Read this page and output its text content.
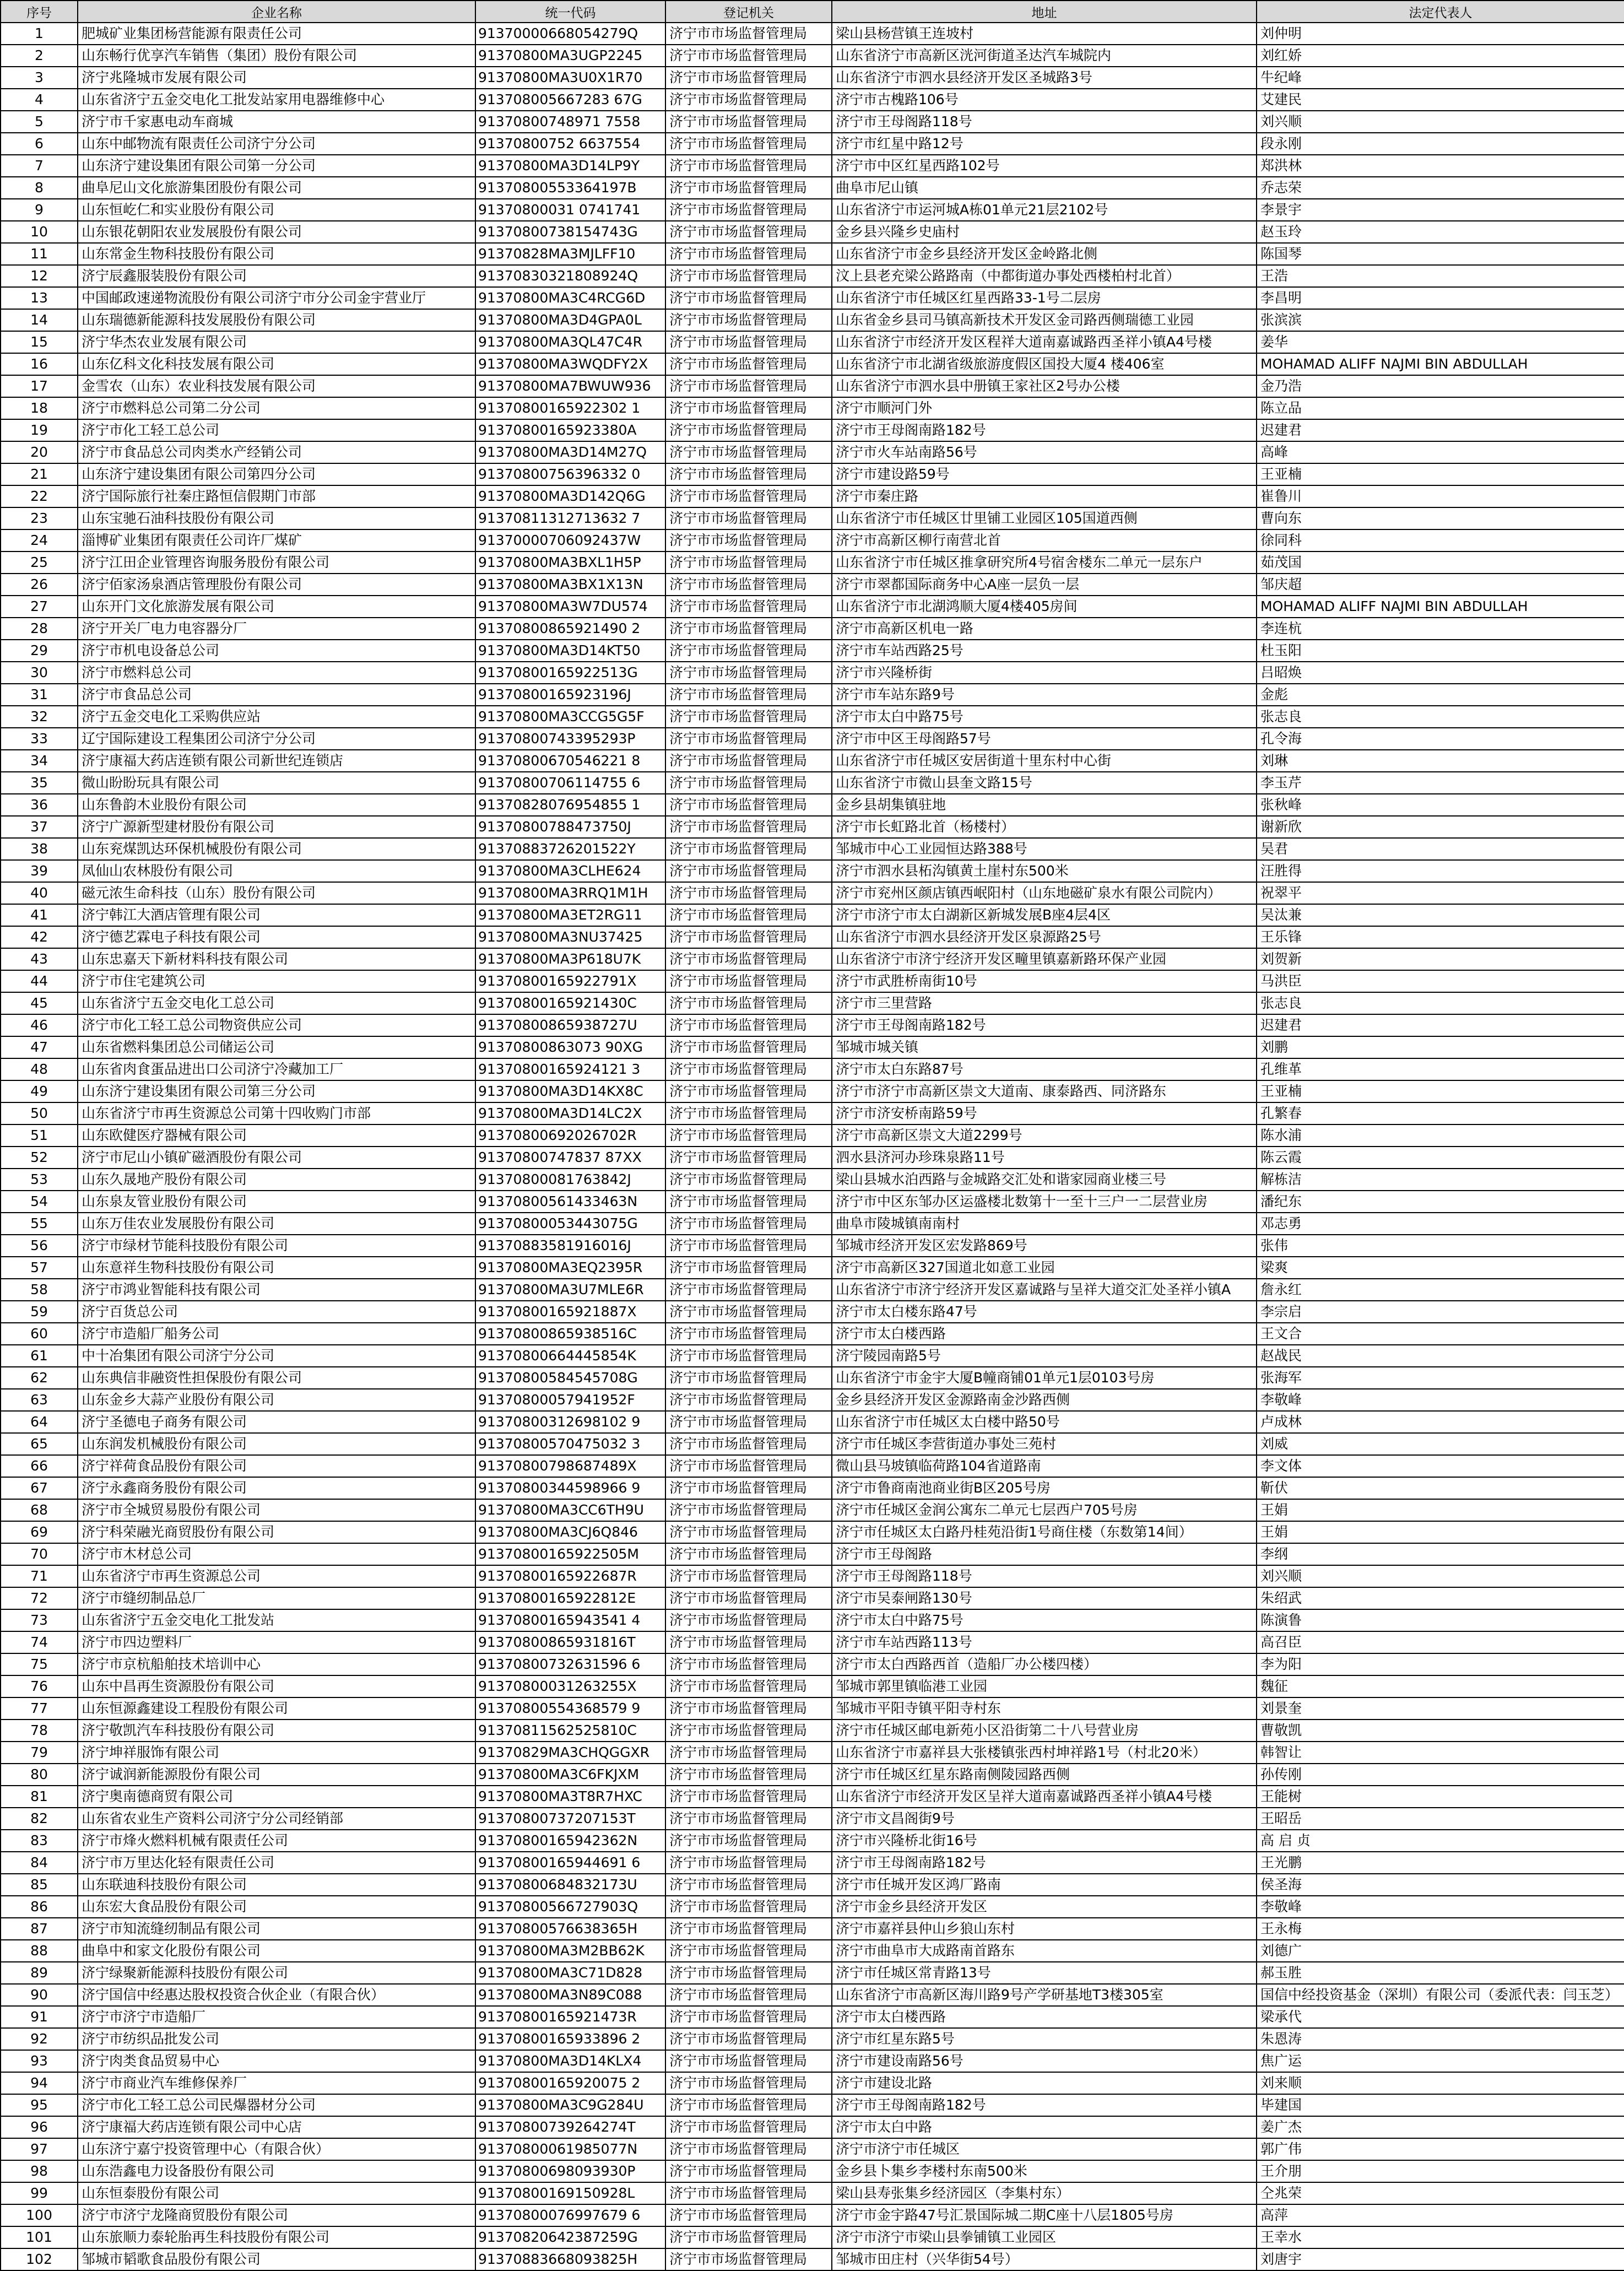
序号	企业名称	统一代码	登记机关	地址	法定代表人
1	肥城矿业集团杨营能源有限责任公司	91370000668054279Q	济宁市市场监督管理局	梁山县杨营镇王连坡村	刘仲明
2	山东畅行优享汽车销售（集团）股份有限公司	91370800MA3UGP2245	济宁市市场监督管理局	山东省济宁市高新区洸河街道圣达汽车城院内	刘红娇
3	济宁兆隆城市发展有限公司	91370800MA3U0X1R70	济宁市市场监督管理局	山东省济宁市泗水县经济开发区圣城路3号	牛纪峰
4	山东省济宁五金交电化工批发站家用电器维修中心	913708005667283 67G	济宁市市场监督管理局	济宁市古槐路106号	艾建民
5	济宁市千家惠电动车商城	91370800748971 7558	济宁市市场监督管理局	济宁市王母阁路118号	刘兴顺
6	山东中邮物流有限责任公司济宁分公司	91370800752 6637554	济宁市市场监督管理局	济宁市红星中路12号	段永刚
7	山东济宁建设集团有限公司第一分公司	91370800MA3D14LP9Y	济宁市市场监督管理局	济宁市中区红星西路102号	郑洪林
8	曲阜尼山文化旅游集团股份有限公司	91370800553364197B	济宁市市场监督管理局	曲阜市尼山镇	乔志荣
9	山东恒屹仁和实业股份有限公司	91370800031 0741741	济宁市市场监督管理局	山东省济宁市运河城A栋01单元21层2102号	李景宇
10	山东银花朝阳农业发展股份有限公司	91370800738154743G	济宁市市场监督管理局	金乡县兴隆乡史庙村	赵玉玲
11	山东常金生物科技股份有限公司	91370828MA3MJLFF10	济宁市市场监督管理局	山东省济宁市金乡县经济开发区金岭路北侧	陈国琴
12	济宁辰鑫服装股份有限公司	91370830321808924Q	济宁市市场监督管理局	汶上县老充梁公路路南（中都街道办事处西楼柏村北首）	王浩
13	中国邮政速递物流股份有限公司济宁市分公司金宇营业厅	91370800MA3C4RCG6D	济宁市市场监督管理局	山东省济宁市任城区红星西路33-1号二层房	李昌明
14	山东瑞德新能源科技发展股份有限公司	91370800MA3D4GPA0L	济宁市市场监督管理局	山东省金乡县司马镇高新技术开发区金司路西侧瑞德工业园	张滨滨
15	济宁华杰农业发展有限公司	91370800MA3QL47C4R	济宁市市场监督管理局	山东省济宁市经济开发区程祥大道南嘉诚路西圣祥小镇A4号楼	姜华
16	山东亿科文化科技发展有限公司	91370800MA3WQDFY2X	济宁市市场监督管理局	山东省济宁市北湖省级旅游度假区国投大厦4 楼406室	MOHAMAD ALIFF NAJMI BIN ABDULLAH
17	金雪农（山东）农业科技发展有限公司	91370800MA7BWUW936	济宁市市场监督管理局	山东省济宁市泗水县中册镇王家社区2号办公楼	金乃浩
18	济宁市燃料总公司第二分公司	91370800165922302 1	济宁市市场监督管理局	济宁市顺河门外	陈立品
19	济宁市化工轻工总公司	91370800165923380A	济宁市市场监督管理局	济宁市王母阁南路182号	迟建君
20	济宁市食品总公司肉类水产经销公司	91370800MA3D14M27Q	济宁市市场监督管理局	济宁市火车站南路56号	高峰
21	山东济宁建设集团有限公司第四分公司	91370800756396332 0	济宁市市场监督管理局	济宁市建设路59号	王亚楠
22	济宁国际旅行社秦庄路恒信假期门市部	91370800MA3D142Q6G	济宁市市场监督管理局	济宁市秦庄路	崔鲁川
23	山东宝驰石油科技股份有限公司	91370811312713632 7	济宁市市场监督管理局	山东省济宁市任城区廿里铺工业园区105国道西侧	曹向东
24	淄博矿业集团有限责任公司许厂煤矿	91370000706092437W	济宁市市场监督管理局	济宁市高新区柳行南营北首	徐同科
25	济宁江田企业管理咨询服务股份有限公司	91370800MA3BXL1H5P	济宁市市场监督管理局	山东省济宁市任城区推拿研究所4号宿舍楼东二单元一层东户	茹茂国
26	济宁佰家汤泉酒店管理股份有限公司	91370800MA3BX1X13N	济宁市市场监督管理局	济宁市翠都国际商务中心A座一层负一层	邹庆超
27	山东开门文化旅游发展有限公司	91370800MA3W7DU574	济宁市市场监督管理局	山东省济宁市北湖鸿顺大厦4楼405房间	MOHAMAD ALIFF NAJMI BIN ABDULLAH
28	济宁开关厂电力电容器分厂	91370800865921490 2	济宁市市场监督管理局	济宁市高新区机电一路	李连杭
29	济宁市机电设备总公司	91370800MA3D14KT50	济宁市市场监督管理局	济宁市车站西路25号	杜玉阳
30	济宁市燃料总公司	91370800165922513G	济宁市市场监督管理局	济宁市兴隆桥街	吕昭焕
31	济宁市食品总公司	91370800165923196J	济宁市市场监督管理局	济宁市车站东路9号	金彪
32	济宁五金交电化工采购供应站	91370800MA3CCG5G5F	济宁市市场监督管理局	济宁市太白中路75号	张志良
33	辽宁国际建设工程集团公司济宁分公司	91370800743395293P	济宁市市场监督管理局	济宁市中区王母阁路57号	孔令海
34	济宁康福大药店连锁有限公司新世纪连锁店	91370800670546221 8	济宁市市场监督管理局	山东省济宁市任城区安居街道十里东村中心街	刘琳
35	微山盼盼玩具有限公司	91370800706114755 6	济宁市市场监督管理局	山东省济宁市微山县奎文路15号	李玉芹
36	山东鲁韵木业股份有限公司	91370828076954855 1	济宁市市场监督管理局	金乡县胡集镇驻地	张秋峰
37	济宁广源新型建材股份有限公司	91370800788473750J	济宁市市场监督管理局	济宁市长虹路北首（杨楼村）	谢新欣
38	山东兖煤凯达环保机械股份有限公司	91370883726201522Y	济宁市市场监督管理局	邹城市中心工业园恒达路388号	吴君
39	凤仙山农林股份有限公司	91370800MA3CLHE624	济宁市市场监督管理局	济宁市泗水县柘沟镇黄土崖村东500米	汪胜得
40	磁元浓生命科技（山东）股份有限公司	91370800MA3RRQ1M1H	济宁市市场监督管理局	济宁市兖州区颜店镇西岷阳村（山东地磁矿泉水有限公司院内）	祝翠平
41	济宁韩江大酒店管理有限公司	91370800MA3ET2RG11	济宁市市场监督管理局	济宁市济宁市太白湖新区新城发展B座4层4区	吴汰兼
42	济宁德艺霖电子科技有限公司	91370800MA3NU37425	济宁市市场监督管理局	山东省济宁市泗水县经济开发区泉源路25号	王乐锋
43	山东忠嘉天下新材料科技有限公司	91370800MA3P618U7K	济宁市市场监督管理局	山东省济宁市济宁经济开发区疃里镇嘉新路环保产业园	刘贺新
44	济宁市住宅建筑公司	91370800165922791X	济宁市市场监督管理局	济宁市武胜桥南街10号	马洪臣
45	山东省济宁五金交电化工总公司	91370800165921430C	济宁市市场监督管理局	济宁市三里营路	张志良
46	济宁市化工轻工总公司物资供应公司	91370800865938727U	济宁市市场监督管理局	济宁市王母阁南路182号	迟建君
47	山东省燃料集团总公司储运公司	91370800863073 90XG	济宁市市场监督管理局	邹城市城关镇	刘鹏
48	山东省肉食蛋品进出口公司济宁冷藏加工厂	91370800165924121 3	济宁市市场监督管理局	济宁市太白东路87号	孔维革
49	山东济宁建设集团有限公司第三分公司	91370800MA3D14KX8C	济宁市市场监督管理局	济宁市济宁市高新区崇文大道南、康泰路西、同济路东	王亚楠
50	山东省济宁市再生资源总公司第十四收购门市部	91370800MA3D14LC2X	济宁市市场监督管理局	济宁市济安桥南路59号	孔繁春
51	山东欧健医疗器械有限公司	91370800692026702R	济宁市市场监督管理局	济宁市高新区崇文大道2299号	陈水浦
52	济宁市尼山小镇矿磁酒股份有限公司	91370800747837 87XX	济宁市市场监督管理局	泗水县济河办珍珠泉路11号	陈云霞
53	山东久晟地产股份有限公司	91370800081763842J	济宁市市场监督管理局	梁山县城水泊西路与金城路交汇处和谐家园商业楼三号	解栋洁
54	山东泉友管业股份有限公司	91370800561433463N	济宁市市场监督管理局	济宁市中区东邹办区运盛楼北数第十一至十三户一二层营业房	潘纪东
55	山东万佳农业发展股份有限公司	91370800053443075G	济宁市市场监督管理局	曲阜市陵城镇南南村	邓志勇
56	济宁市绿材节能科技股份有限公司	91370883581916016J	济宁市市场监督管理局	邹城市经济开发区宏发路869号	张伟
57	山东意祥生物科技股份有限公司	91370800MA3EQ2395R	济宁市市场监督管理局	济宁市高新区327国道北如意工业园	梁爽
58	济宁市鸿业智能科技有限公司	91370800MA3U7MLE6R	济宁市市场监督管理局	山东省济宁市济宁经济开发区嘉诚路与呈祥大道交汇处圣祥小镇A	詹永红
59	济宁百货总公司	91370800165921887X	济宁市市场监督管理局	济宁市太白楼东路47号	李宗启
60	济宁市造船厂船务公司	91370800865938516C	济宁市市场监督管理局	济宁市太白楼西路	王文合
61	中十冶集团有限公司济宁分公司	91370800664445854K	济宁市市场监督管理局	济宁陵园南路5号	赵战民
62	山东典信非融资性担保股份有限公司	91370800584545708G	济宁市市场监督管理局	山东省济宁市金宇大厦B幢商铺01单元1层0103号房	张海军
63	山东金乡大蒜产业股份有限公司	91370800057941952F	济宁市市场监督管理局	金乡县经济开发区金源路南金沙路西侧	李敬峰
64	济宁圣德电子商务有限公司	91370800312698102 9	济宁市市场监督管理局	山东省济宁市任城区太白楼中路50号	卢成林
65	山东润发机械股份有限公司	91370800570475032 3	济宁市市场监督管理局	济宁市任城区李营街道办事处三苑村	刘威
66	济宁祥荷食品股份有限公司	91370800798687489X	济宁市市场监督管理局	微山县马坡镇临荷路104省道路南	李文体
67	济宁永鑫商务股份有限公司	91370800344598966 9	济宁市市场监督管理局	济宁市鲁商南池商业街B区205号房	靳伏
68	济宁市全城贸易股份有限公司	91370800MA3CC6TH9U	济宁市市场监督管理局	济宁市任城区金润公寓东二单元七层西户705号房	王娟
69	济宁科荣融光商贸股份有限公司	91370800MA3CJ6Q846	济宁市市场监督管理局	济宁市任城区太白路丹桂苑沿街1号商住楼（东数第14间）	王娟
70	济宁市木材总公司	91370800165922505M	济宁市市场监督管理局	济宁市王母阁路	李纲
71	山东省济宁市再生资源总公司	91370800165922687R	济宁市市场监督管理局	济宁市王母阁路118号	刘兴顺
72	济宁市缝纫制品总厂	91370800165922812E	济宁市市场监督管理局	济宁市吴泰闸路130号	朱绍武
73	山东省济宁五金交电化工批发站	91370800165943541 4	济宁市市场监督管理局	济宁市太白中路75号	陈演鲁
74	济宁市四边塑料厂	91370800865931816T	济宁市市场监督管理局	济宁市车站西路113号	高召臣
75	济宁市京杭船舶技术培训中心	91370800732631596 6	济宁市市场监督管理局	济宁市太白西路西首（造船厂办公楼四楼）	李为阳
76	山东中昌再生资源股份有限公司	91370800031263255X	济宁市市场监督管理局	邹城市郭里镇临港工业园	魏征
77	山东恒源鑫建设工程股份有限公司	91370800554368579 9	济宁市市场监督管理局	邹城市平阳寺镇平阳寺村东	刘景奎
78	济宁敬凯汽车科技股份有限公司	91370811562525810C	济宁市市场监督管理局	济宁市任城区邮电新苑小区沿街第二十八号营业房	曹敬凯
79	济宁坤祥服饰有限公司	91370829MA3CHQGGXR	济宁市市场监督管理局	山东省济宁市嘉祥县大张楼镇张西村坤祥路1号（村北20米）	韩智让
80	济宁诚润新能源股份有限公司	91370800MA3C6FKJXM	济宁市市场监督管理局	济宁市任城区红星东路南侧陵园路西侧	孙传刚
81	济宁奥南德商贸有限公司	91370800MA3T8R7HXC	济宁市市场监督管理局	山东省济宁市经济开发区呈祥大道南嘉诚路西圣祥小镇A4号楼	王能树
82	山东省农业生产资料公司济宁分公司经销部	91370800737207153T	济宁市市场监督管理局	济宁市文昌阁街9号	王昭岳
83	济宁市烽火燃料机械有限责任公司	91370800165942362N	济宁市市场监督管理局	济宁市兴隆桥北街16号	高 启 贞
84	济宁市万里达化轻有限责任公司	91370800165944691 6	济宁市市场监督管理局	济宁市王母阁南路182号	王光鹏
85	山东联迪科技股份有限公司	91370800684832173U	济宁市市场监督管理局	济宁市任城开发区鸿厂路南	侯圣海
86	山东宏大食品股份有限公司	91370800566727903Q	济宁市市场监督管理局	济宁市金乡县经济开发区	李敬峰
87	济宁市知流缝纫制品有限公司	91370800576638365H	济宁市市场监督管理局	济宁市嘉祥县仲山乡狼山东村	王永梅
88	曲阜中和家文化股份有限公司	91370800MA3M2BB62K	济宁市市场监督管理局	济宁市曲阜市大成路南首路东	刘德广
89	济宁绿聚新能源科技股份有限公司	91370800MA3C71D828	济宁市市场监督管理局	济宁市任城区常青路13号	郝玉胜
90	济宁国信中经惠达股权投资合伙企业（有限合伙）	91370800MA3N89C088	济宁市市场监督管理局	山东省济宁市高新区海川路9号产学研基地T3楼305室	国信中经投资基金（深圳）有限公司（委派代表：闫玉芝）
91	济宁市济宁市造船厂	91370800165921473R	济宁市市场监督管理局	济宁市太白楼西路	梁承代
92	济宁市纺织品批发公司	91370800165933896 2	济宁市市场监督管理局	济宁市红星东路5号	朱恩涛
93	济宁肉类食品贸易中心	91370800MA3D14KLX4	济宁市市场监督管理局	济宁市建设南路56号	焦广运
94	济宁市商业汽车维修保养厂	91370800165920075 2	济宁市市场监督管理局	济宁市建设北路	刘来顺
95	济宁市化工轻工总公司民爆器材分公司	91370800MA3C9G284U	济宁市市场监督管理局	济宁市王母阁南路182号	毕建国
96	济宁康福大药店连锁有限公司中心店	91370800739264274T	济宁市市场监督管理局	济宁市太白中路	姜广杰
97	山东济宁嘉宁投资管理中心（有限合伙）	91370800061985077N	济宁市市场监督管理局	济宁市济宁市任城区	郭广伟
98	山东浩鑫电力设备股份有限公司	91370800698093930P	济宁市市场监督管理局	金乡县卜集乡李楼村东南500米	王介朋
99	山东恒泰股份有限公司	91370800169150928L	济宁市市场监督管理局	梁山县寿张集乡经济园区（李集村东）	仝兆荣
100	济宁市济宁龙隆商贸股份有限公司	91370800076997679 6	济宁市市场监督管理局	济宁市金宇路47号汇景国际城二期C座十八层1805号房	高萍
101	山东旅顺力泰轮胎再生科技股份有限公司	91370820642387259G	济宁市市场监督管理局	济宁市济宁市梁山县拳铺镇工业园区	王幸水
102	邹城市韬歌食品股份有限公司	91370883668093825H	济宁市市场监督管理局	邹城市田庄村（兴华街54号）	刘唐宇
